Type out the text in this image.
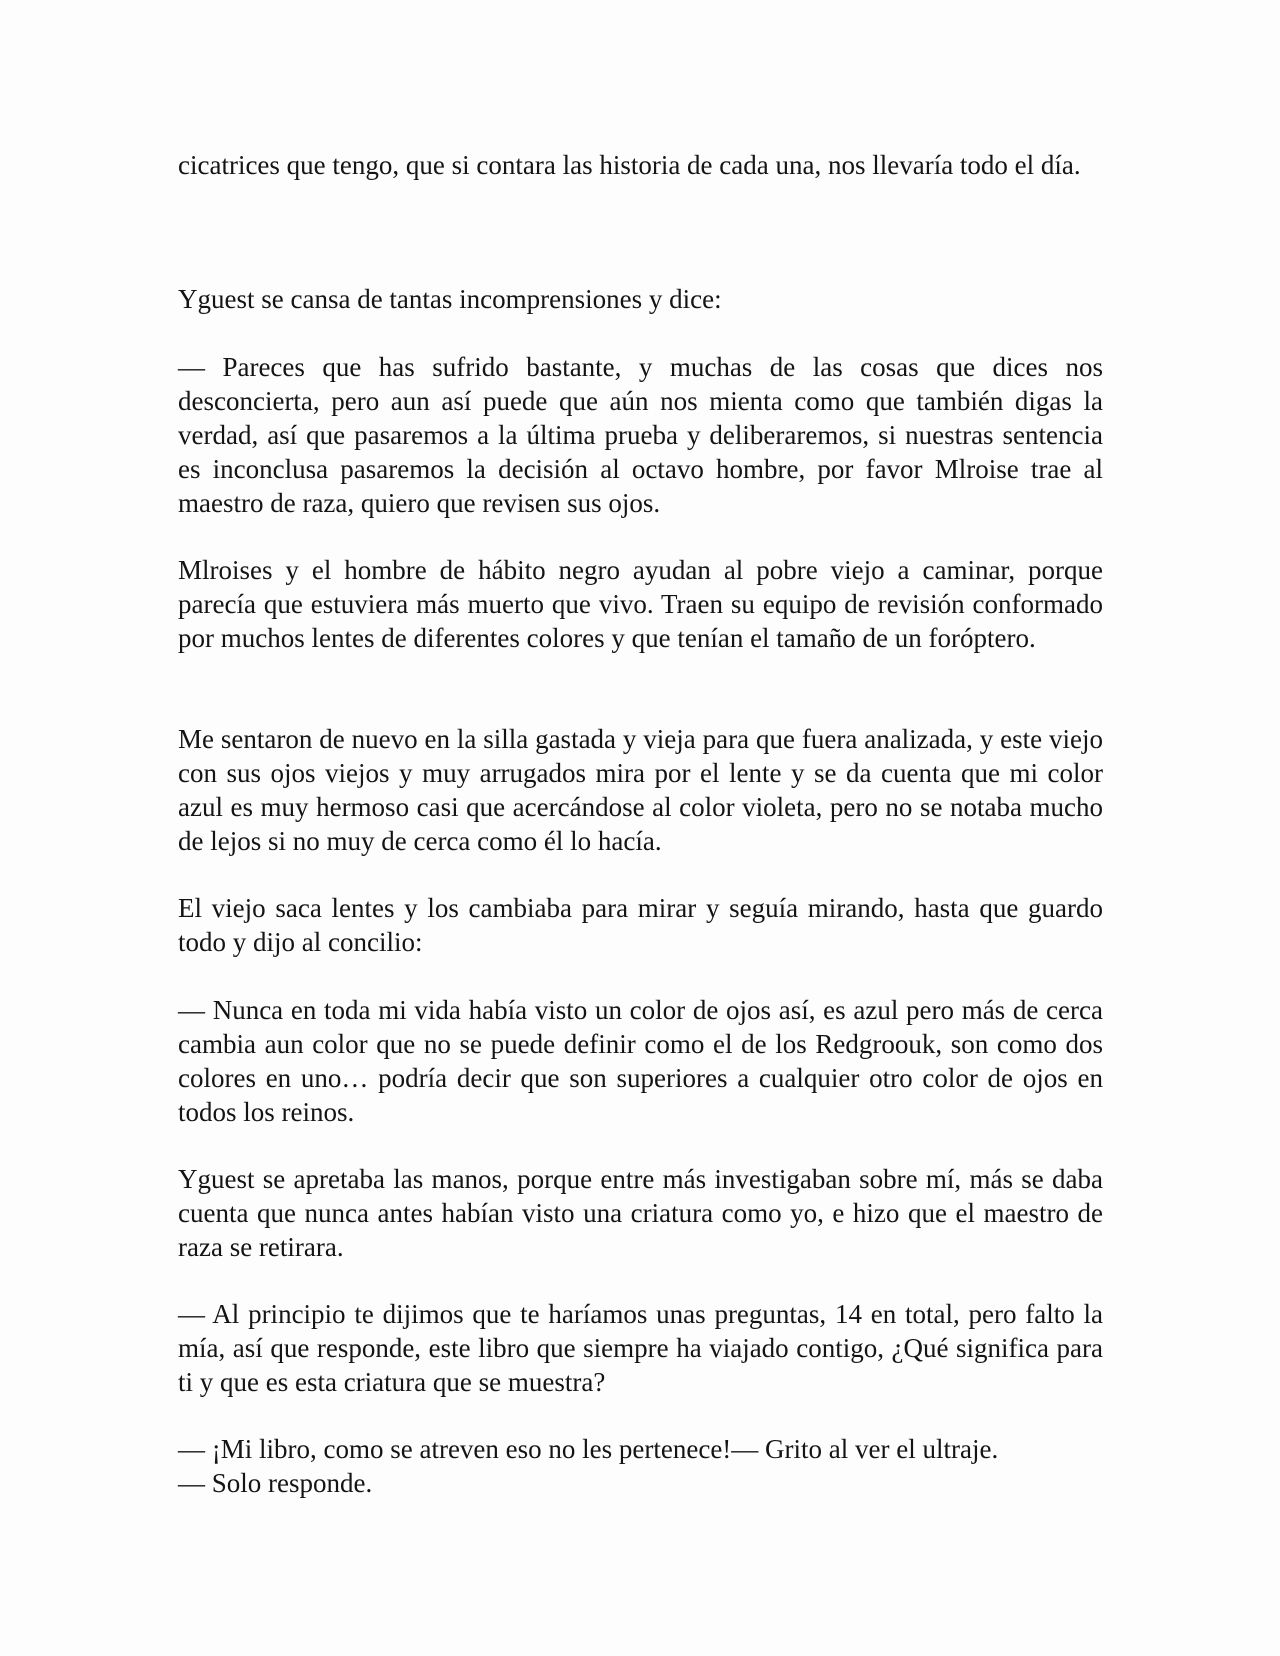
cicatrices que tengo, que si contara las historia de cada una, nos llevaría todo el día.

Yguest se cansa de tantas incomprensiones y dice:

— Pareces que has sufrido bastante, y muchas de las cosas que dices nos desconcierta, pero aun así puede que aún nos mienta como que también digas la verdad, así que pasaremos a la última prueba y deliberaremos, si nuestras sentencia es inconclusa pasaremos la decisión al octavo hombre, por favor Mlroise trae al maestro de raza, quiero que revisen sus ojos.

Mlroises y el hombre de hábito negro ayudan al pobre viejo a caminar, porque parecía que estuviera más muerto que vivo. Traen su equipo de revisión conformado por muchos lentes de diferentes colores y que tenían el tamaño de un foróptero.

Me sentaron de nuevo en la silla gastada y vieja para que fuera analizada, y este viejo con sus ojos viejos y muy arrugados mira por el lente y se da cuenta que mi color azul es muy hermoso casi que acercándose al color violeta, pero no se notaba mucho de lejos si no muy de cerca como él lo hacía.

El viejo saca lentes y los cambiaba para mirar y seguía mirando, hasta que guardo todo y dijo al concilio:

— Nunca en toda mi vida había visto un color de ojos así, es azul pero más de cerca cambia aun color que no se puede definir como el de los Redgroouk, son como dos colores en uno… podría decir que son superiores a cualquier otro color de ojos en todos los reinos.

Yguest se apretaba las manos, porque entre más investigaban sobre mí, más se daba cuenta que nunca antes habían visto una criatura como yo, e hizo que el maestro de raza se retirara.

— Al principio te dijimos que te haríamos unas preguntas, 14 en total, pero falto la mía, así que responde, este libro que siempre ha viajado contigo, ¿Qué significa para ti y que es esta criatura que se muestra?

— ¡Mi libro, como se atreven eso no les pertenece!— Grito al ver el ultraje.

— Solo responde.
